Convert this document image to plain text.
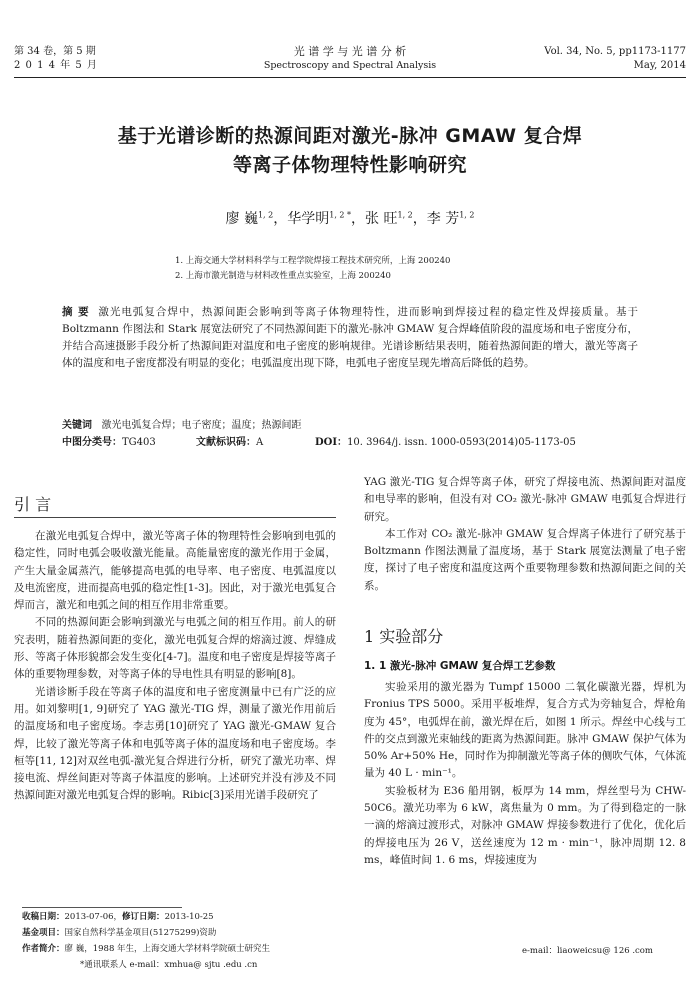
第 34 卷，第 5 期
2 0 1 4 年 5 月
光 谱 学 与 光 谱 分 析
Spectroscopy and Spectral Analysis
Vol. 34, No. 5, pp1173-1177
May, 2014
基于光谱诊断的热源间距对激光-脉冲 GMAW 复合焊
等离子体物理特性影响研究
廖 巍$^{1, 2}$，华学明$^{1, 2 *}$，张 旺$^{1, 2}$，李 芳$^{1, 2}$
1. 上海交通大学材料科学与工程学院焊接工程技术研究所，上海 200240
2. 上海市激光制造与材料改性重点实验室，上海 200240
摘 要 激光电弧复合焊中，热源间距会影响到等离子体物理特性，进而影响到焊接过程的稳定性及焊接质量。基于 Boltzmann 作图法和 Stark 展宽法研究了不同热源间距下的激光-脉冲 GMAW 复合焊峰值阶段的温度场和电子密度分布，并结合高速摄影手段分析了热源间距对温度和电子密度的影响规律。光谱诊断结果表明，随着热源间距的增大，激光等离子体的温度和电子密度都没有明显的变化；电弧温度出现下降，电弧电子密度呈现先增高后降低的趋势。
关键词 激光电弧复合焊；电子密度；温度；热源间距
中图分类号：TG403	文献标识码：A	DOI：10. 3964/j. issn. 1000-0593(2014)05-1173-05
引 言

在激光电弧复合焊中，激光等离子体的物理特性会影响到电弧的稳定性，同时电弧会吸收激光能量。高能量密度的激光作用于金属，产生大量金属蒸汽，能够提高电弧的电导率、电子密度、电弧温度以及电流密度，进而提高电弧的稳定性[1-3]。因此，对于激光电弧复合焊而言，激光和电弧之间的相互作用非常重要。

不同的热源间距会影响到激光与电弧之间的相互作用。前人的研究表明，随着热源间距的变化，激光电弧复合焊的熔滴过渡、焊缝成形、等离子体形貌都会发生变化[4-7]。温度和电子密度是焊接等离子体的重要物理参数，对等离子体的导电性具有明显的影响[8]。

光谱诊断手段在等离子体的温度和电子密度测量中已有广泛的应用。如刘黎明[1, 9]研究了 YAG 激光-TIG 焊，测量了激光作用前后的温度场和电子密度场。李志勇[10]研究了 YAG 激光-GMAW 复合焊，比较了激光等离子体和电弧等离子体的温度场和电子密度场。李桓等[11, 12]对双丝电弧-激光复合焊进行分析，研究了激光功率、焊接电流、焊丝间距对等离子体温度的影响。上述研究并没有涉及不同热源间距对激光电弧复合焊的影响。Ribic[3]采用光谱手段研究了

YAG 激光-TIG 复合焊等离子体，研究了焊接电流、热源间距对温度和电导率的影响，但没有对 CO₂ 激光-脉冲 GMAW 电弧复合焊进行研究。

本工作对 CO₂ 激光-脉冲 GMAW 复合焊离子体进行了研究基于 Boltzmann 作图法测量了温度场，基于 Stark 展宽法测量了电子密度，探讨了电子密度和温度这两个重要物理参数和热源间距之间的关系。

1 实验部分
1. 1 激光-脉冲 GMAW 复合焊工艺参数

实验采用的激光器为 Tumpf 15000 二氧化碳激光器，焊机为 Fronius TPS 5000。采用平板堆焊，复合方式为旁轴复合，焊枪角度为 45°，电弧焊在前，激光焊在后，如图 1 所示。焊丝中心线与工件的交点到激光束轴线的距离为热源间距。脉冲 GMAW 保护气体为 50% Ar+50% He，同时作为抑制激光等离子体的侧吹气体，气体流量为 40 L · min⁻¹。

实验板材为 E36 船用钢，板厚为 14 mm，焊丝型号为 CHW-50C6。激光功率为 6 kW，离焦量为 0 mm。为了得到稳定的一脉一滴的熔滴过渡形式，对脉冲 GMAW 焊接参数进行了优化，优化后的焊接电压为 26 V，送丝速度为 12 m · min⁻¹，脉冲周期 12. 8 ms，峰值时间 1. 6 ms，焊接速度为

收稿日期：2013-07-06，修订日期：2013-10-25
基金项目：国家自然科学基金项目(51275299)资助
作者简介：廖 巍，1988 年生，上海交通大学材料学院硕士研究生	e-mail：liaoweicsu@ 126 .com
*通讯联系人 e-mail：xmhua@ sjtu .edu .cn
